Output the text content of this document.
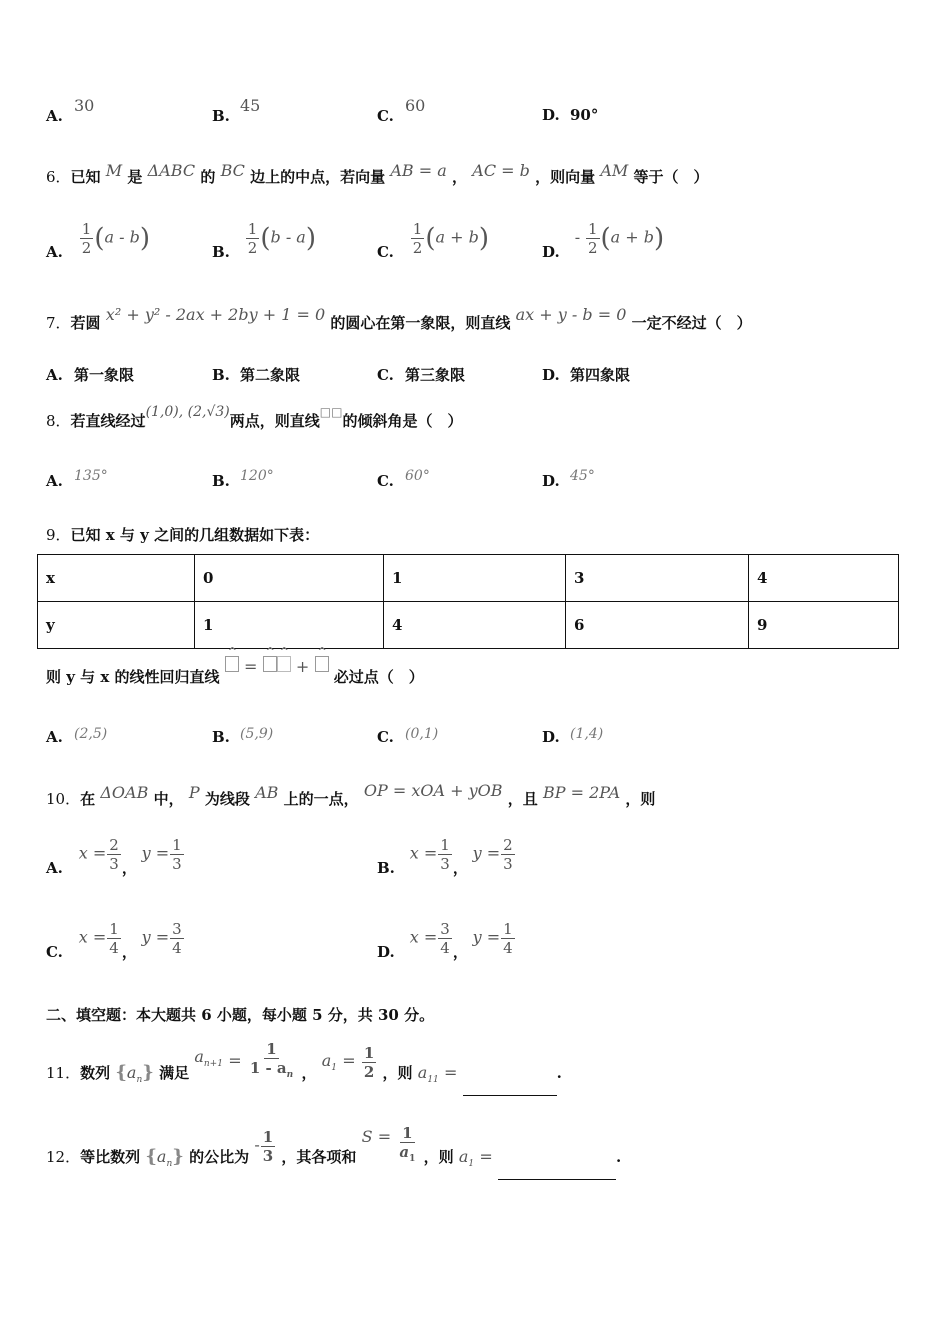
A.30
B.45
C.60	D. 90°
6．已知 M 是 ΔABC 的 BC 边上的中点，若向量 AB = a ， AC = b ，则向量 AM 等于（　）
A. $\frac{1}{2} (a - b)$	B. $\frac{1}{2} (b - a)$	C. $\frac{1}{2} (a + b)$	D. - $\frac{1}{2} (a + b)$
7．若圆 x² + y² - 2ax + 2by + 1 = 0 的圆心在第一象限，则直线 ax + y - b = 0 一定不经过（　）
A. 第一象限	B. 第二象限	C. 第三象限	D. 第四象限
8．若直线经过(1,0), (2,√3)两点，则直线□□的倾斜角是（　）
A. 135°	B. 120°	C. 60°	D. 45°
9．已知 x 与 y 之间的几组数据如下表：
x	0	1	3	4
y	1	4	6	9
则 y 与 x 的线性回归直线  = +  必过点（　）
A. (2,5)	B. (5,9)	C. (0,1)	D. (1,4)
10．在 ΔOAB 中， P 为线段 AB 上的一点， OP = xOA + yOB ，且 BP = 2PA ，则
A. $x = \frac{2}{3}$ ， $y = \frac{1}{3}$	B. $x = \frac{1}{3}$ ， $y = \frac{2}{3}$
C. $x = \frac{1}{4}$ ， $y = \frac{3}{4}$	D. $x = \frac{3}{4}$ ， $y = \frac{1}{4}$
二、填空题：本大题共 6 小题，每小题 5 分，共 30 分。
11．数列 $\{a_n\}$ 满足 $a_{n+1} = \frac{1}{1 - a_n}$ ， $a_1 = \frac{1}{2}$ ，则 $a_{11}$ =	.
12．等比数列 $\{a_n\}$ 的公比为 - $\frac{1}{3}$ ，其各项和 $S = \frac{1}{a_1}$ ，则 $a_1$ =	.
